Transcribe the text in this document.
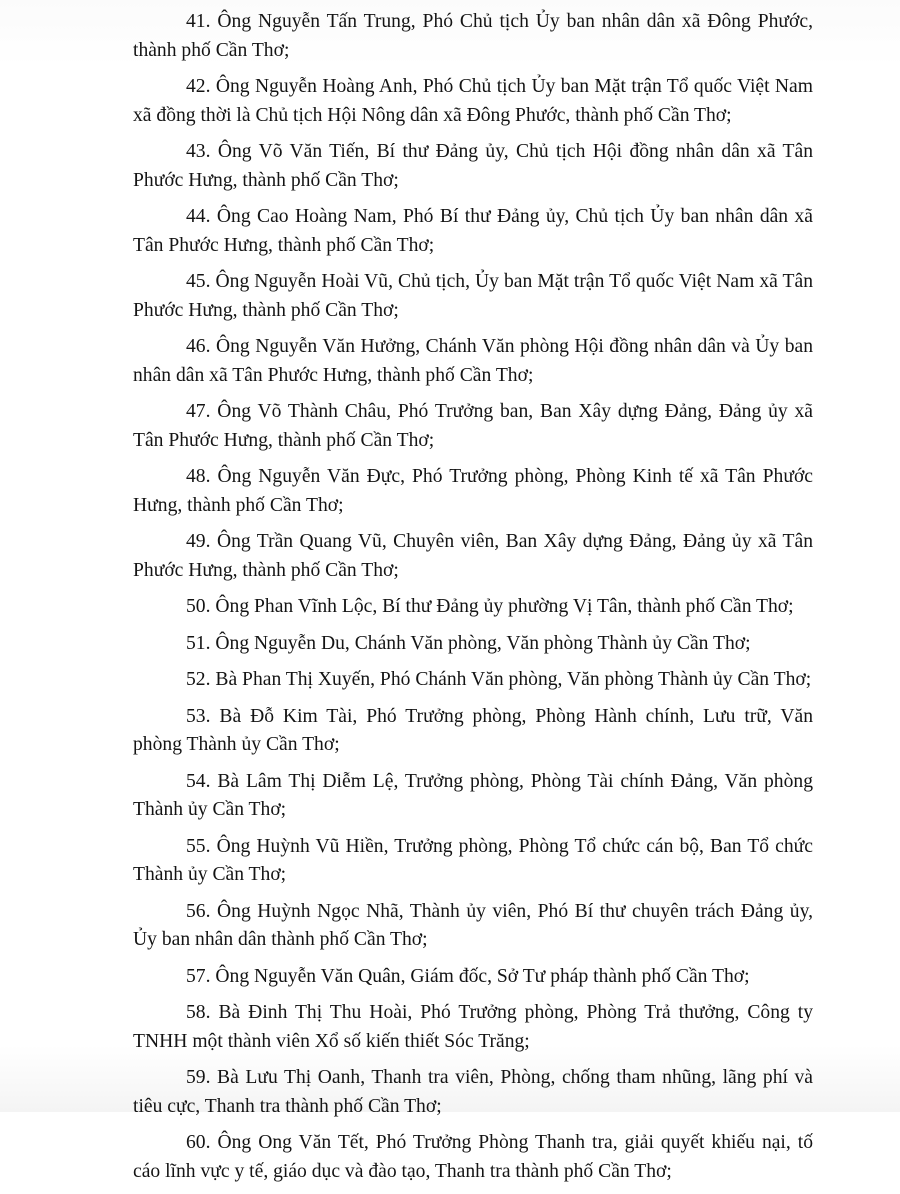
41. Ông Nguyễn Tấn Trung, Phó Chủ tịch Ủy ban nhân dân xã Đông Phước, thành phố Cần Thơ;
42. Ông Nguyễn Hoàng Anh, Phó Chủ tịch Ủy ban Mặt trận Tổ quốc Việt Nam xã đồng thời là Chủ tịch Hội Nông dân xã Đông Phước, thành phố Cần Thơ;
43. Ông Võ Văn Tiến, Bí thư Đảng ủy, Chủ tịch Hội đồng nhân dân xã Tân Phước Hưng, thành phố Cần Thơ;
44. Ông Cao Hoàng Nam, Phó Bí thư Đảng ủy, Chủ tịch Ủy ban nhân dân xã Tân Phước Hưng, thành phố Cần Thơ;
45. Ông Nguyễn Hoài Vũ, Chủ tịch, Ủy ban Mặt trận Tổ quốc Việt Nam xã Tân Phước Hưng, thành phố Cần Thơ;
46. Ông Nguyễn Văn Hưởng, Chánh Văn phòng Hội đồng nhân dân và Ủy ban nhân dân xã Tân Phước Hưng, thành phố Cần Thơ;
47. Ông Võ Thành Châu, Phó Trưởng ban, Ban Xây dựng Đảng, Đảng ủy xã Tân Phước Hưng, thành phố Cần Thơ;
48. Ông Nguyễn Văn Đực, Phó Trưởng phòng, Phòng Kinh tế xã Tân Phước Hưng, thành phố Cần Thơ;
49. Ông Trần Quang Vũ, Chuyên viên, Ban Xây dựng Đảng, Đảng ủy xã Tân Phước Hưng, thành phố Cần Thơ;
50. Ông Phan Vĩnh Lộc, Bí thư Đảng ủy phường Vị Tân, thành phố Cần Thơ;
51. Ông Nguyễn Du, Chánh Văn phòng, Văn phòng Thành ủy Cần Thơ;
52. Bà Phan Thị Xuyến, Phó Chánh Văn phòng, Văn phòng Thành ủy Cần Thơ;
53. Bà Đỗ Kim Tài, Phó Trưởng phòng, Phòng Hành chính, Lưu trữ, Văn phòng Thành ủy Cần Thơ;
54. Bà Lâm Thị Diễm Lệ, Trưởng phòng, Phòng Tài chính Đảng, Văn phòng Thành ủy Cần Thơ;
55. Ông Huỳnh Vũ Hiền, Trưởng phòng, Phòng Tổ chức cán bộ, Ban Tổ chức Thành ủy Cần Thơ;
56. Ông Huỳnh Ngọc Nhã, Thành ủy viên, Phó Bí thư chuyên trách Đảng ủy, Ủy ban nhân dân thành phố Cần Thơ;
57. Ông Nguyễn Văn Quân, Giám đốc, Sở Tư pháp thành phố Cần Thơ;
58. Bà Đinh Thị Thu Hoài, Phó Trưởng phòng, Phòng Trả thưởng, Công ty TNHH một thành viên Xổ số kiến thiết Sóc Trăng;
59. Bà Lưu Thị Oanh, Thanh tra viên, Phòng, chống tham nhũng, lãng phí và tiêu cực, Thanh tra thành phố Cần Thơ;
60. Ông Ong Văn Tết, Phó Trưởng Phòng Thanh tra, giải quyết khiếu nại, tố cáo lĩnh vực y tế, giáo dục và đào tạo, Thanh tra thành phố Cần Thơ;
